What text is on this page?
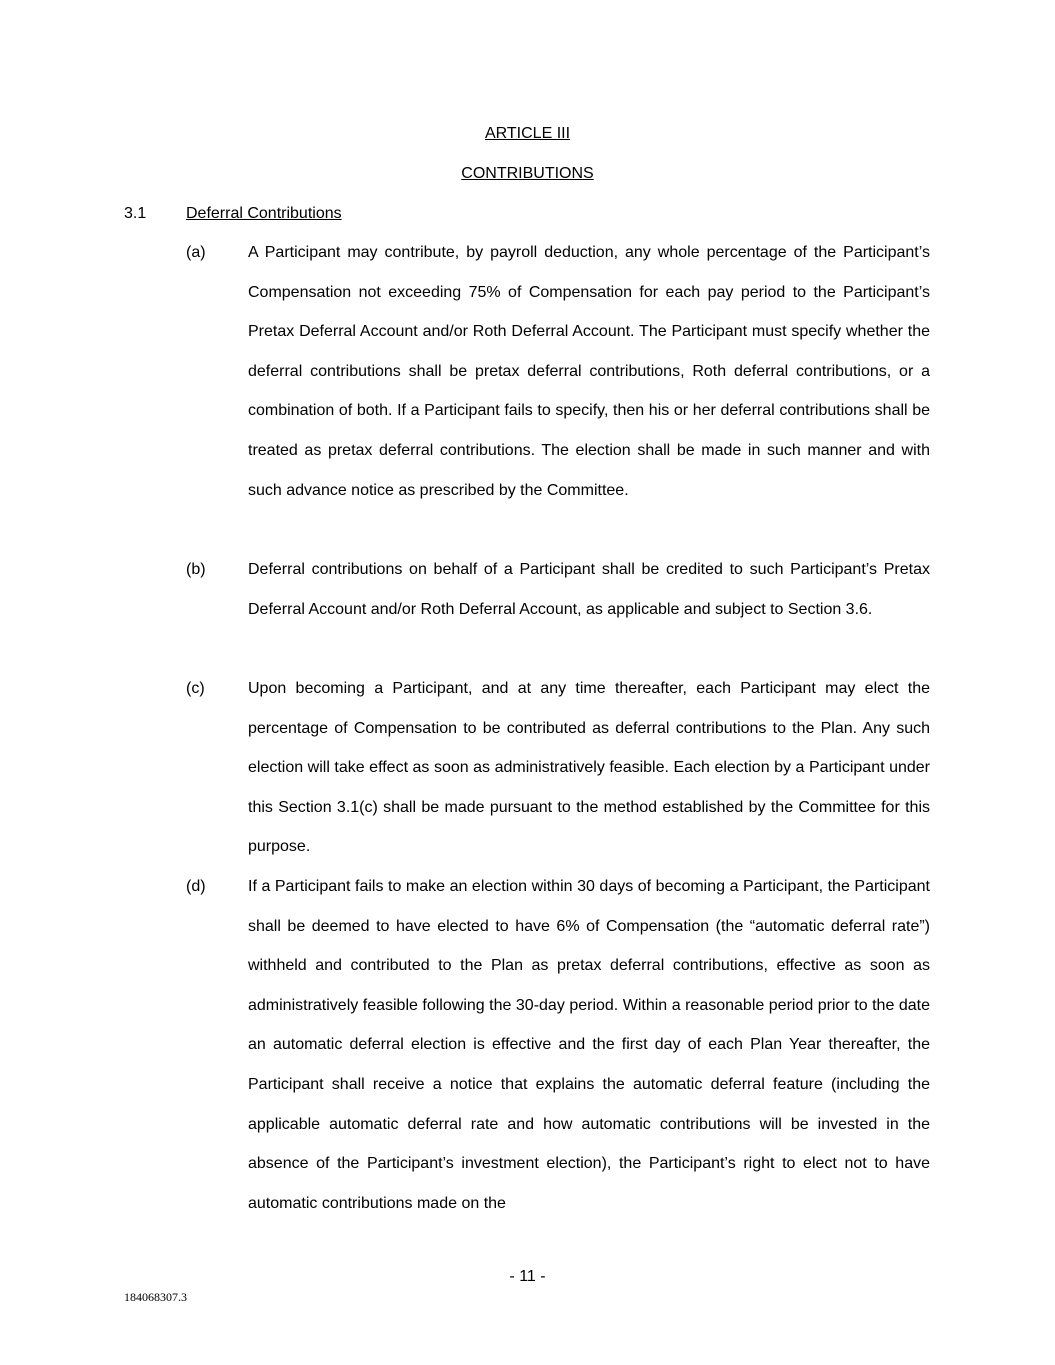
ARTICLE III
CONTRIBUTIONS
3.1 Deferral Contributions
(a)	A Participant may contribute, by payroll deduction, any whole percentage of the Participant’s Compensation not exceeding 75% of Compensation for each pay period to the Participant’s Pretax Deferral Account and/or Roth Deferral Account. The Participant must specify whether the deferral contributions shall be pretax deferral contributions, Roth deferral contributions, or a combination of both. If a Participant fails to specify, then his or her deferral contributions shall be treated as pretax deferral contributions. The election shall be made in such manner and with such advance notice as prescribed by the Committee.
(b)	Deferral contributions on behalf of a Participant shall be credited to such Participant’s Pretax Deferral Account and/or Roth Deferral Account, as applicable and subject to Section 3.6.
(c)	Upon becoming a Participant, and at any time thereafter, each Participant may elect the percentage of Compensation to be contributed as deferral contributions to the Plan. Any such election will take effect as soon as administratively feasible. Each election by a Participant under this Section 3.1(c) shall be made pursuant to the method established by the Committee for this purpose.
(d)	If a Participant fails to make an election within 30 days of becoming a Participant, the Participant shall be deemed to have elected to have 6% of Compensation (the “automatic deferral rate”) withheld and contributed to the Plan as pretax deferral contributions, effective as soon as administratively feasible following the 30-day period. Within a reasonable period prior to the date an automatic deferral election is effective and the first day of each Plan Year thereafter, the Participant shall receive a notice that explains the automatic deferral feature (including the applicable automatic deferral rate and how automatic contributions will be invested in the absence of the Participant’s investment election), the Participant’s right to elect not to have automatic contributions made on the
- 11 -
184068307.3
